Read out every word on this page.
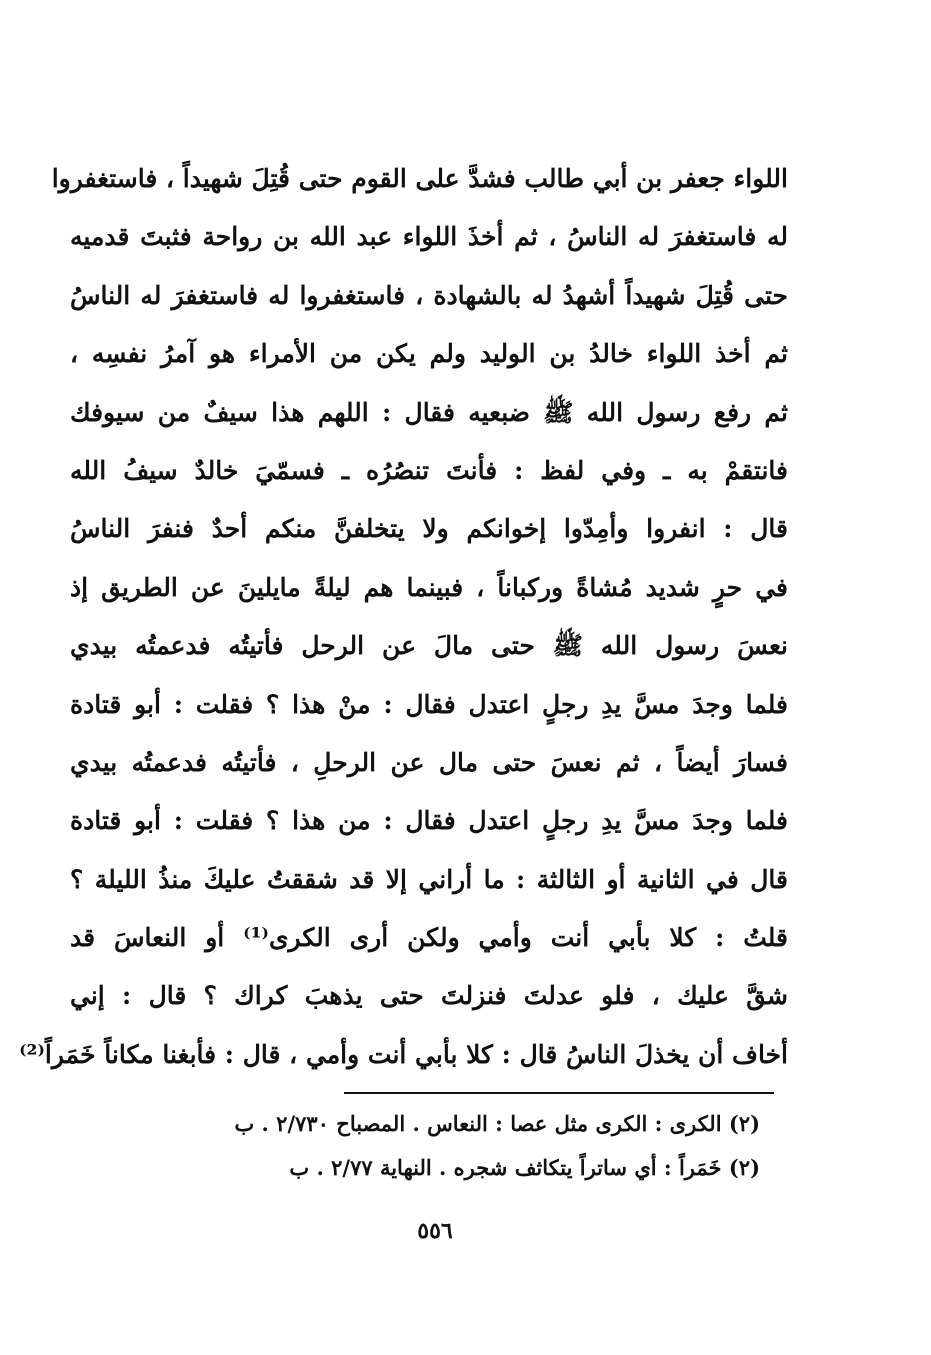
اللواء جعفر بن أبي طالب فشدَّ على القوم حتى قُتِلَ شهيداً ، فاستغفروا
له فاستغفرَ له الناسُ ، ثم أخذَ اللواء عبد الله بن رواحة فثبتَ قدميه
حتى قُتِلَ شهيداً أشهدُ له بالشهادة ، فاستغفروا له فاستغفرَ له الناسُ
ثم أخذ اللواء خالدُ بن الوليد ولم يكن من الأمراء هو آمرُ نفسِه ،
ثم رفع رسول الله ﷺ ضبعيه فقال : اللهم هذا سيفٌ من سيوفك
فانتقمْ به ـ وفي لفظ : فأنتَ تنصُرُه ـ فسمّيَ خالدٌ سيفُ الله
قال : انفروا وأمِدّوا إخوانكم ولا يتخلفنَّ منكم أحدٌ فنفرَ الناسُ
في حرٍ شديد مُشاةً وركباناً ، فبينما هم ليلةً مايلينَ عن الطريق إذ
نعسَ رسول الله ﷺ حتى مالَ عن الرحل فأتيتُه فدعمتُه بيدي
فلما وجدَ مسَّ يدِ رجلٍ اعتدل فقال : منْ هذا ؟ فقلت : أبو قتادة
فسارَ أيضاً ، ثم نعسَ حتى مال عن الرحلِ ، فأتيتُه فدعمتُه بيدي
فلما وجدَ مسَّ يدِ رجلٍ اعتدل فقال : من هذا ؟ فقلت : أبو قتادة
قال في الثانية أو الثالثة : ما أراني إلا قد شققتُ عليكَ منذُ الليلة ؟
قلتُ : كلا بأبي أنت وأمي ولكن أرى الكرى⁽¹⁾ أو النعاسَ قد
شقَّ عليك ، فلو عدلتَ فنزلتَ حتى يذهبَ كراك ؟ قال : إني
أخاف أن يخذلَ الناسُ قال : كلا بأبي أنت وأمي ، قال : فأبغنا مكاناً خَمَراً⁽²⁾
(٢) الكرى : الكرى مثل عصا : النعاس . المصباح ٢/٧٣٠ . ب
(٢) خَمَراً : أي ساتراً يتكاثف شجره . النهاية ٢/٧٧ . ب
٥٥٦
